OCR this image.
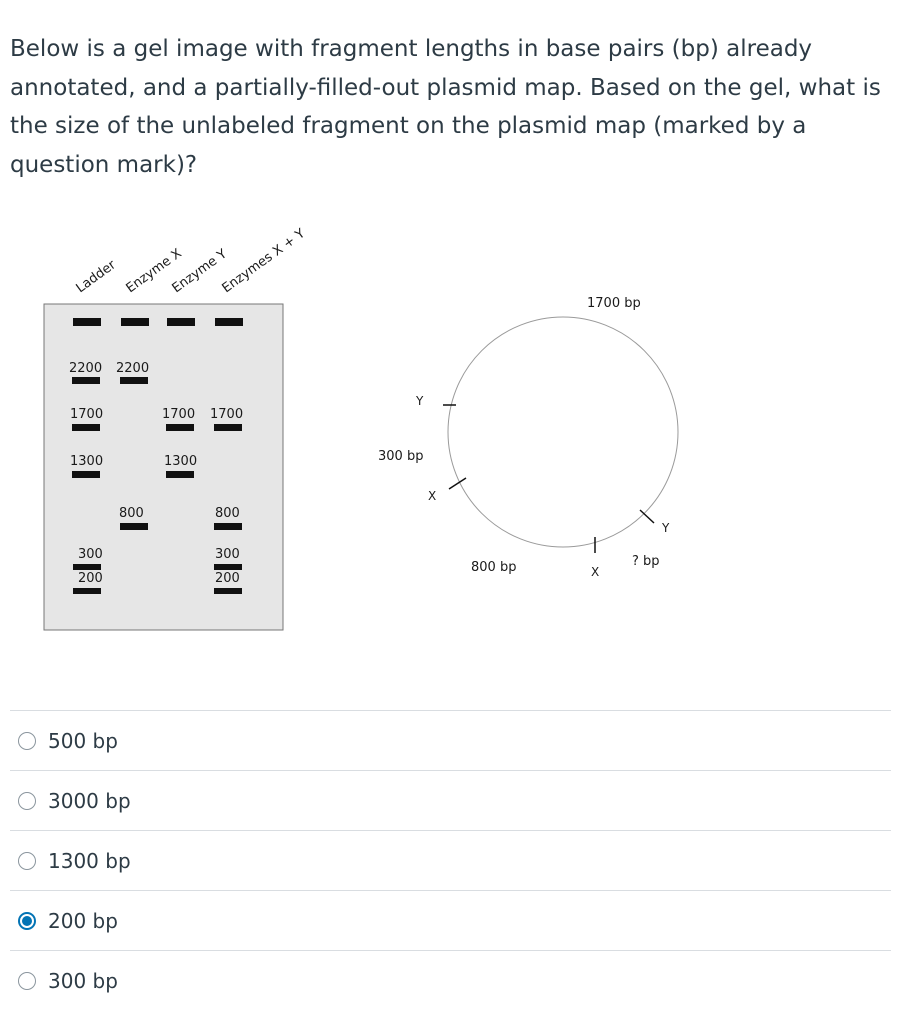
Below is a gel image with fragment lengths in base pairs (bp) already annotated, and a partially-filled-out plasmid map. Based on the gel, what is the size of the unlabeled fragment on the plasmid map (marked by a question mark)?

Ladder Enzyme X
Enzyme Y
Enzymes X + Y
2200
1700
1300
300
200
2200
800
1700
1300
1700
800
300
200
Y
X
X
Y
1700 bp
300 bp
800 bp	? bp
500 bp
3000 bp
1300 bp
200 bp
300 bp
